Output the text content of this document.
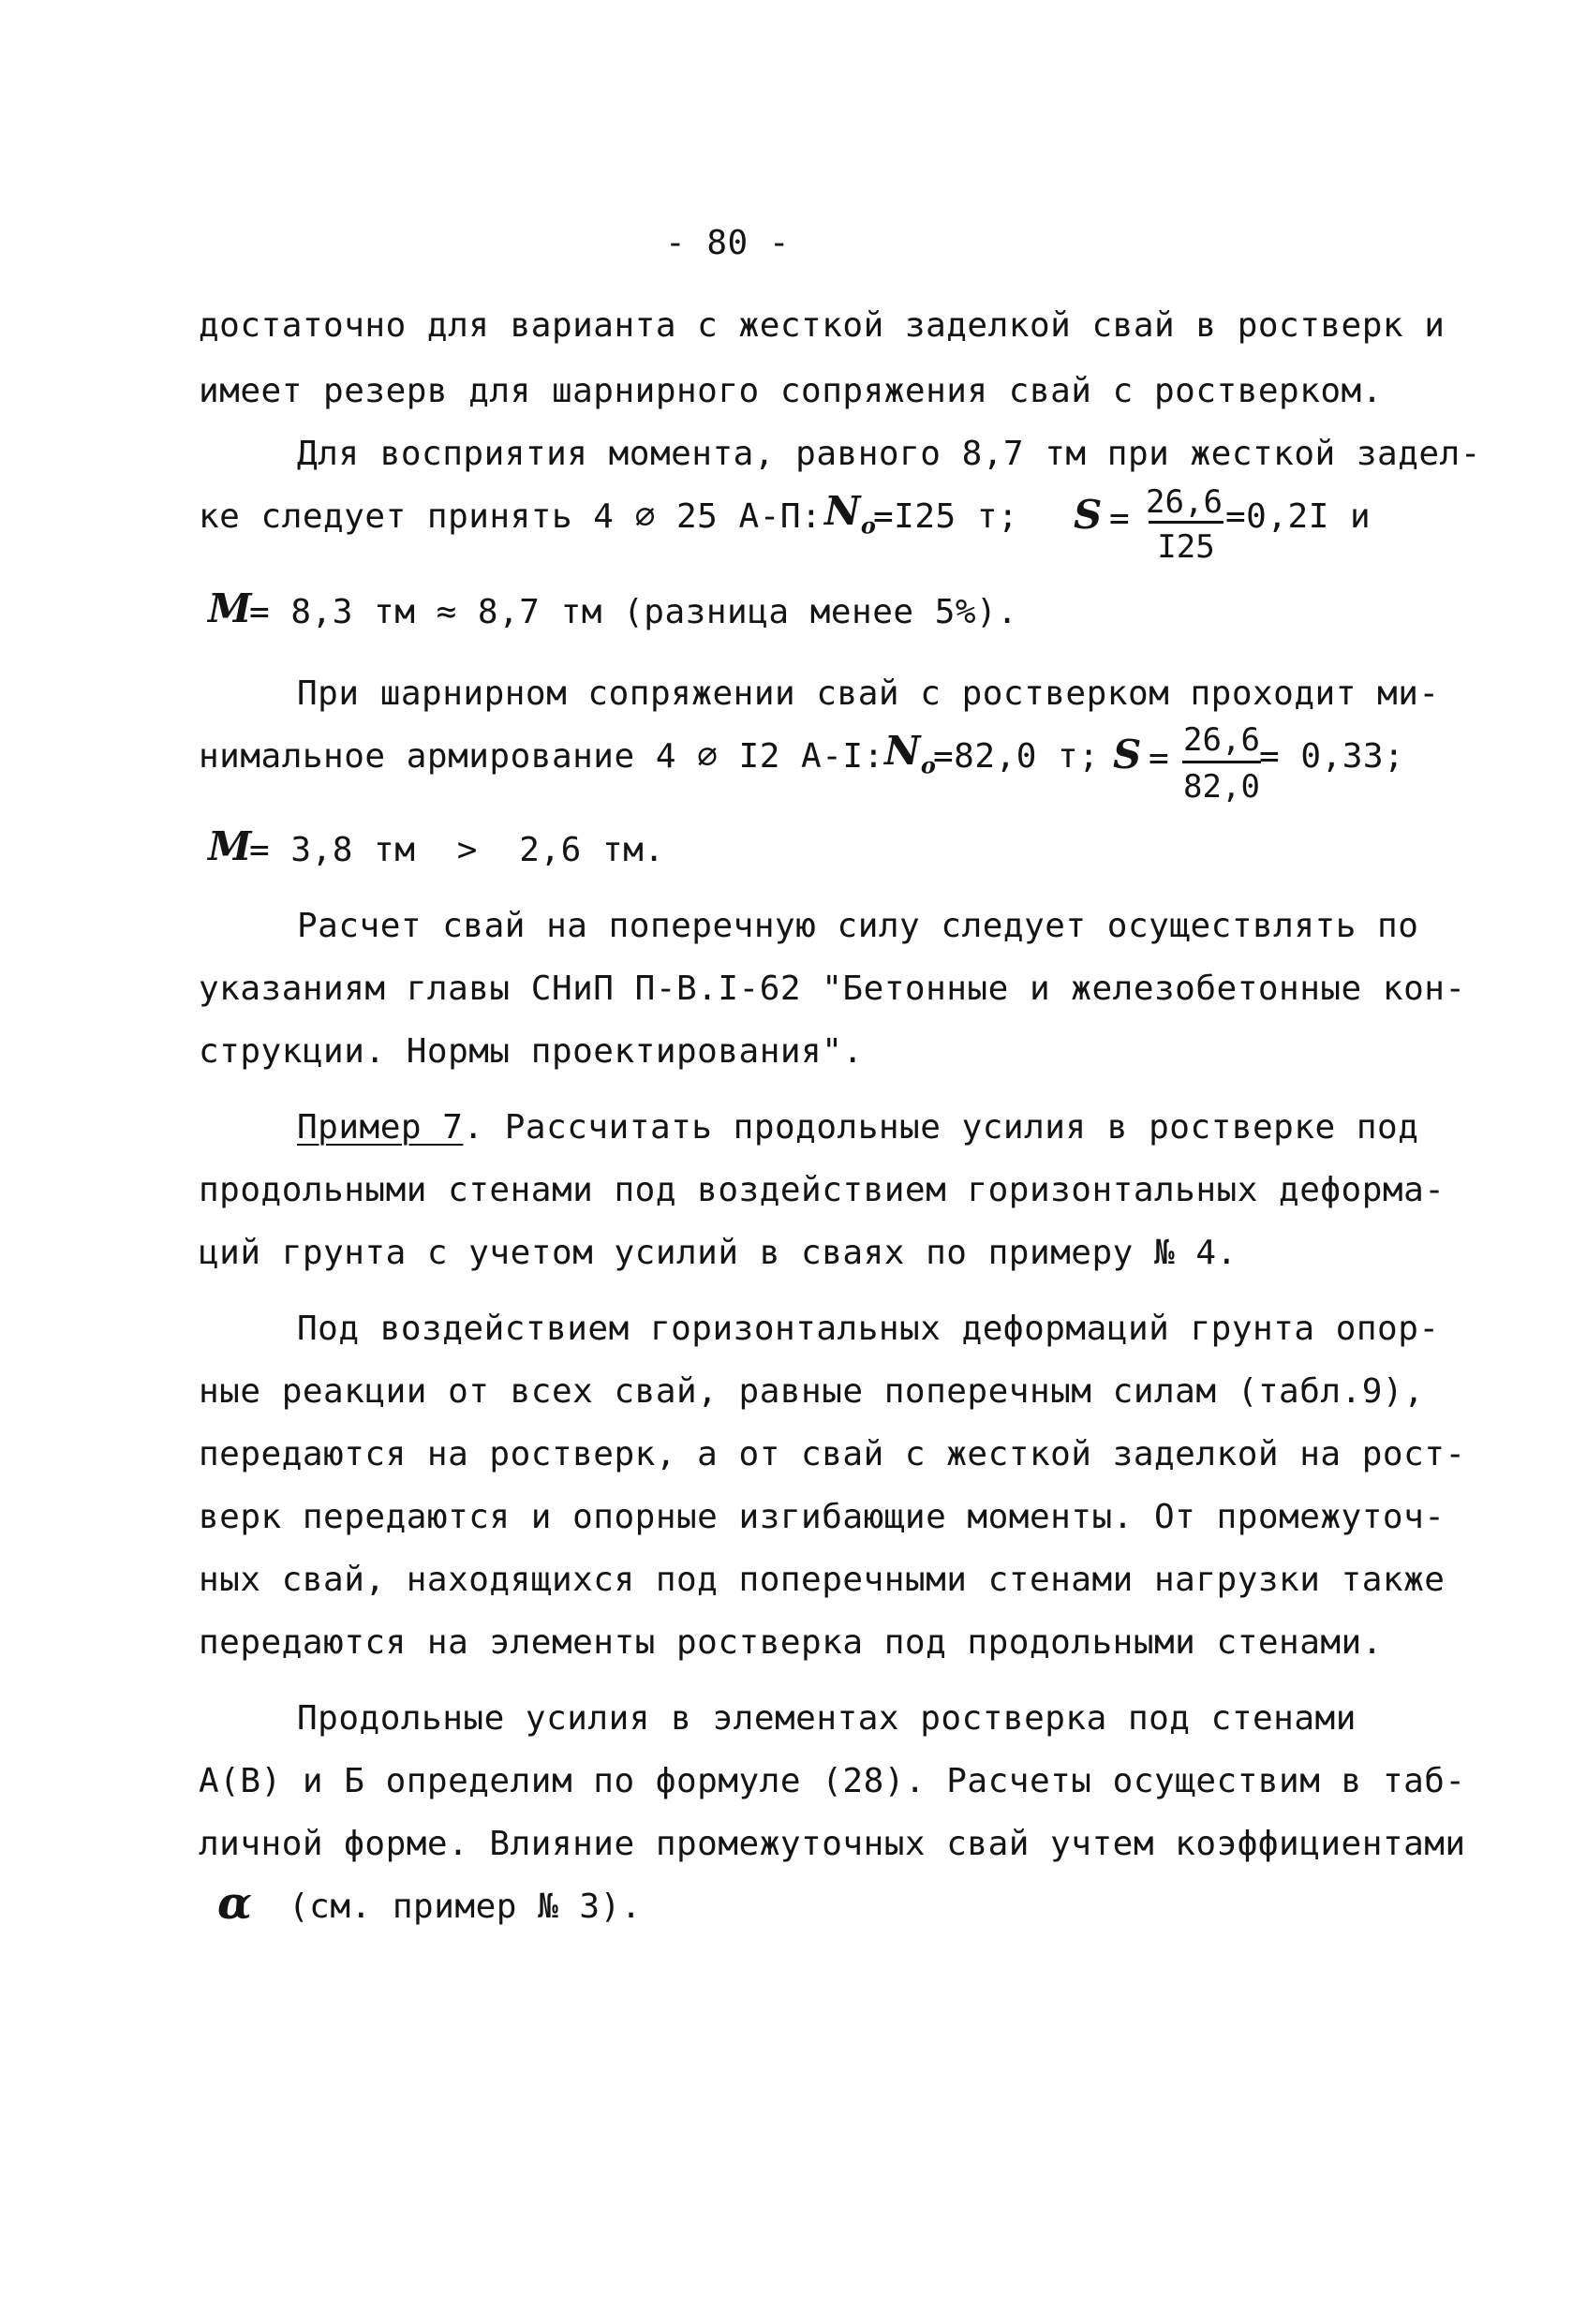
- 80 -
достаточно для варианта с жесткой заделкой свай в ростверк и
имеет резерв для шарнирного сопряжения свай с ростверком.
Для восприятия момента, равного 8,7 тм при жесткой задел-
ке следует принять 4 ∅ 25 А-П: $N_o$
=I25 т; S = 26,6
I25
=0,2I и
M
= 8,3 тм ≈ 8,7 тм (разница менее 5%).
При шарнирном сопряжении свай с ростверком проходит ми-
нимальное армирование 4 ∅ I2 A-I: $N_o$
=82,0 т; S = 26,6
82,0
= 0,33;
M
= 3,8 тм  >  2,6 тм.
Расчет свай на поперечную силу следует осуществлять по
указаниям главы СНиП П-В.I-62 "Бетонные и железобетонные кон-
струкции. Нормы проектирования".
Пример 7. Рассчитать продольные усилия в ростверке под
продольными стенами под воздействием горизонтальных деформа-
ций грунта с учетом усилий в сваях по примеру № 4.
Под воздействием горизонтальных деформаций грунта опор-
ные реакции от всех свай, равные поперечным силам (табл.9),
передаются на ростверк, а от свай с жесткой заделкой на рост-
верк передаются и опорные изгибающие моменты. От промежуточ-
ных свай, находящихся под поперечными стенами нагрузки также
передаются на элементы ростверка под продольными стенами.
Продольные усилия в элементах ростверка под стенами
А(В) и Б определим по формуле (28). Расчеты осуществим в таб-
личной форме. Влияние промежуточных свай учтем коэффициентами
α (см. пример № 3).
